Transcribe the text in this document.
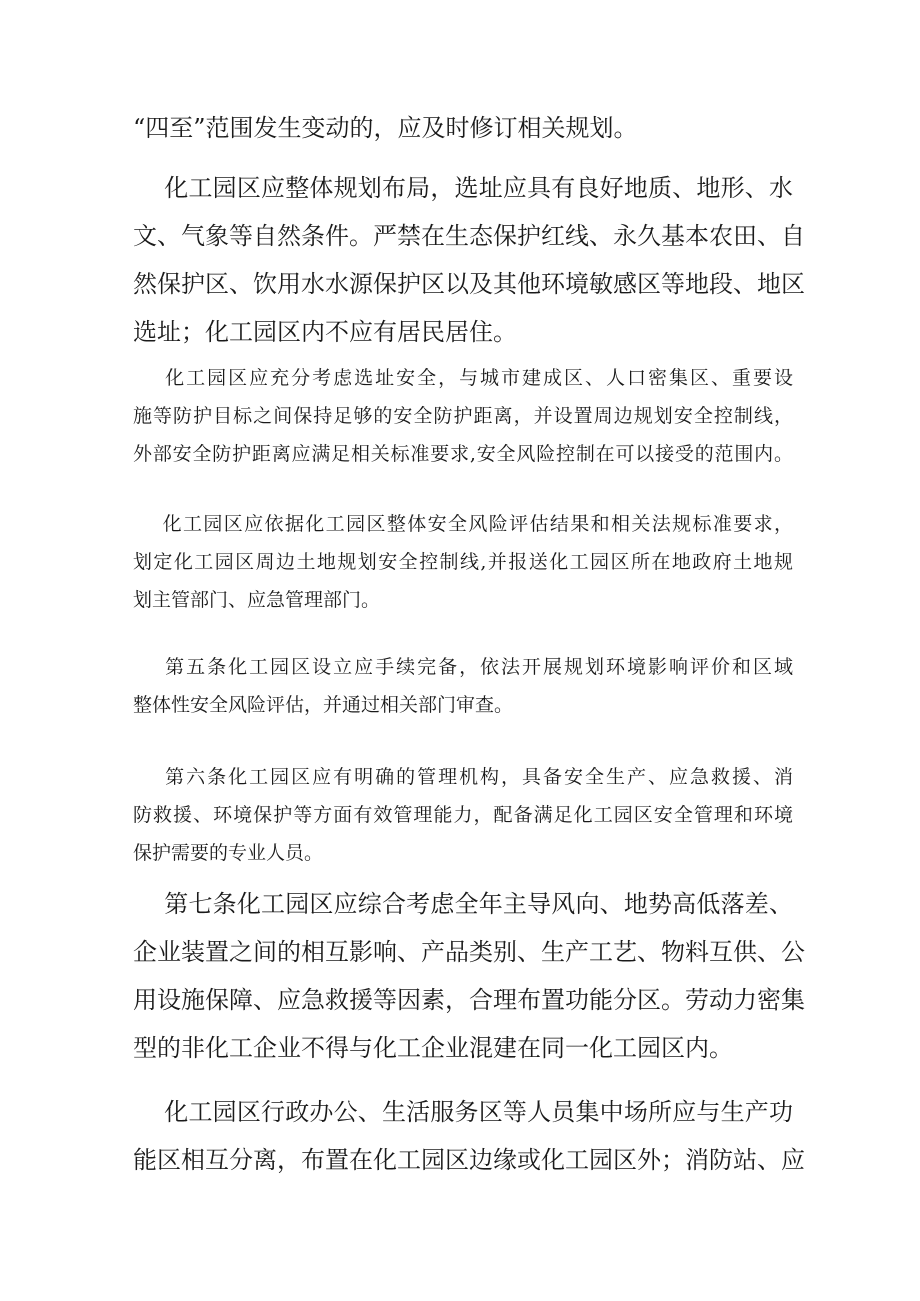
“四至”范围发生变动的，应及时修订相关规划。

化工园区应整体规划布局，选址应具有良好地质、地形、水
文、气象等自然条件。严禁在生态保护红线、永久基本农田、自
然保护区、饮用水水源保护区以及其他环境敏感区等地段、地区
选址；化工园区内不应有居民居住。

化工园区应充分考虑选址安全，与城市建成区、人口密集区、重要设
施等防护目标之间保持足够的安全防护距离，并设置周边规划安全控制线，
外部安全防护距离应满足相关标准要求,安全风险控制在可以接受的范围内。

化工园区应依据化工园区整体安全风险评估结果和相关法规标准要求，
划定化工园区周边土地规划安全控制线,并报送化工园区所在地政府土地规
划主管部门、应急管理部门。

第五条化工园区设立应手续完备，依法开展规划环境影响评价和区域
整体性安全风险评估，并通过相关部门审查。

第六条化工园区应有明确的管理机构，具备安全生产、应急救援、消
防救援、环境保护等方面有效管理能力，配备满足化工园区安全管理和环境
保护需要的专业人员。

第七条化工园区应综合考虑全年主导风向、地势高低落差、
企业装置之间的相互影响、产品类别、生产工艺、物料互供、公
用设施保障、应急救援等因素，合理布置功能分区。劳动力密集
型的非化工企业不得与化工企业混建在同一化工园区内。

化工园区行政办公、生活服务区等人员集中场所应与生产功
能区相互分离，布置在化工园区边缘或化工园区外；消防站、应
